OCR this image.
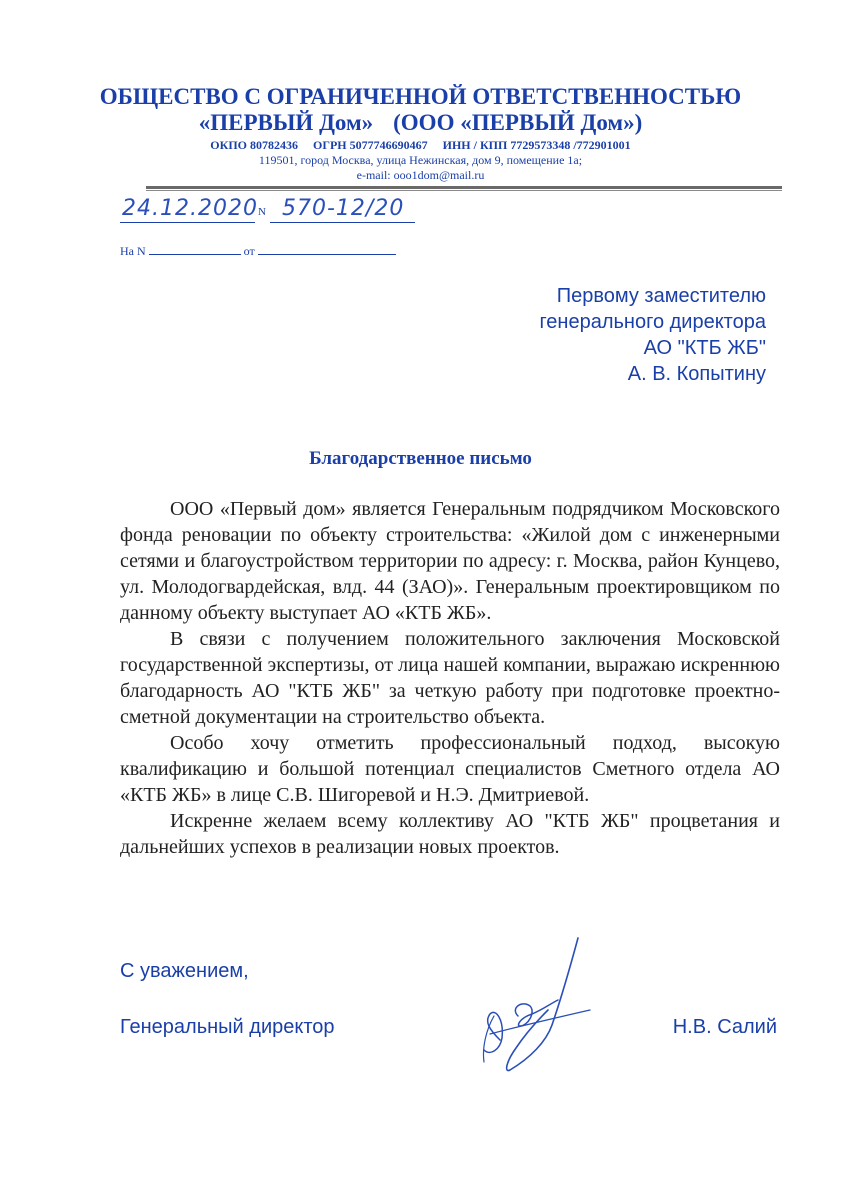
ОБЩЕСТВО С ОГРАНИЧЕННОЙ ОТВЕТСТВЕННОСТЬЮ
«ПЕРВЫЙ Дом» (ООО «ПЕРВЫЙ Дом»)
ОКПО 80782436 ОГРН 5077746690467 ИНН / КПП 7729573348 /772901001
119501, город Москва, улица Нежинская, дом 9, помещение 1а;
e-mail: ooo1dom@mail.ru
24.12.2020 N 570-12/20
На N	от
Первому заместителю
генерального директора
АО "КТБ ЖБ"
А. В. Копытину
Благодарственное письмо

ООО «Первый дом» является Генеральным подрядчиком Московского фонда реновации по объекту строительства: «Жилой дом с инженерными сетями и благоустройством территории по адресу: г. Москва, район Кунцево, ул. Молодогвардейская, влд. 44 (ЗАО)». Генеральным проектировщиком по данному объекту выступает АО «КТБ ЖБ».

В связи с получением положительного заключения Московской государственной экспертизы, от лица нашей компании, выражаю искреннюю благодарность АО "КТБ ЖБ" за четкую работу при подготовке проектно-сметной документации на строительство объекта.

Особо хочу отметить профессиональный подход, высокую квалификацию и большой потенциал специалистов Сметного отдела АО «КТБ ЖБ» в лице С.В. Шигоревой и Н.Э. Дмитриевой.

Искренне желаем всему коллективу АО "КТБ ЖБ" процветания и дальнейших успехов в реализации новых проектов.

С уважением,
Генеральный директор	Н.В. Салий
